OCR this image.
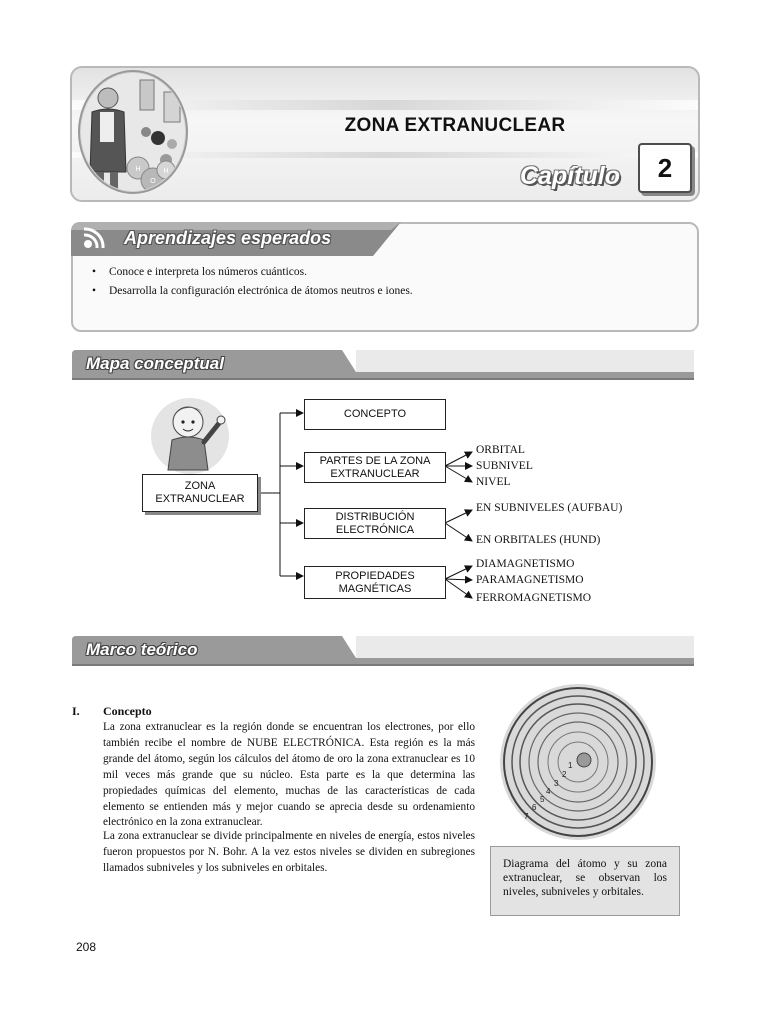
H
O
H
ZONA EXTRANUCLEAR
Capítulo	2
Aprendizajes esperados
• Conoce e interpreta los números cuánticos.
• Desarrolla la configuración electrónica de átomos neutros e iones.
Mapa conceptual
ZONA EXTRANUCLEAR
CONCEPTO
PARTES DE LA ZONA EXTRANUCLEAR
DISTRIBUCIÓN ELECTRÓNICA
PROPIEDADES MAGNÉTICAS
ORBITAL
SUBNIVEL
NIVEL
EN SUBNIVELES (AUFBAU)
EN ORBITALES (HUND)
DIAMAGNETISMO
PARAMAGNETISMO
FERROMAGNETISMO
Marco teórico
I. Concepto

La zona extranuclear es la región donde se encuentran los electrones, por ello también recibe el nombre de NUBE ELECTRÓNICA. Esta región es la más grande del átomo, según los cálculos del átomo de oro la zona extranuclear es 10 mil veces más grande que su núcleo. Esta parte es la que determina las propiedades químicas del elemento, muchas de las características de cada elemento se entienden más y mejor cuando se aprecia desde su ordenamiento electrónico en la zona extranuclear.

La zona extranuclear se divide principalmente en niveles de energía, estos niveles fueron propuestos por N. Bohr. A la vez estos niveles se dividen en subregiones llamados subniveles y los subniveles en orbitales.

1
2
3
4
5
6
7
Diagrama del átomo y su zona extranuclear, se observan los niveles, subniveles y orbitales.
208
